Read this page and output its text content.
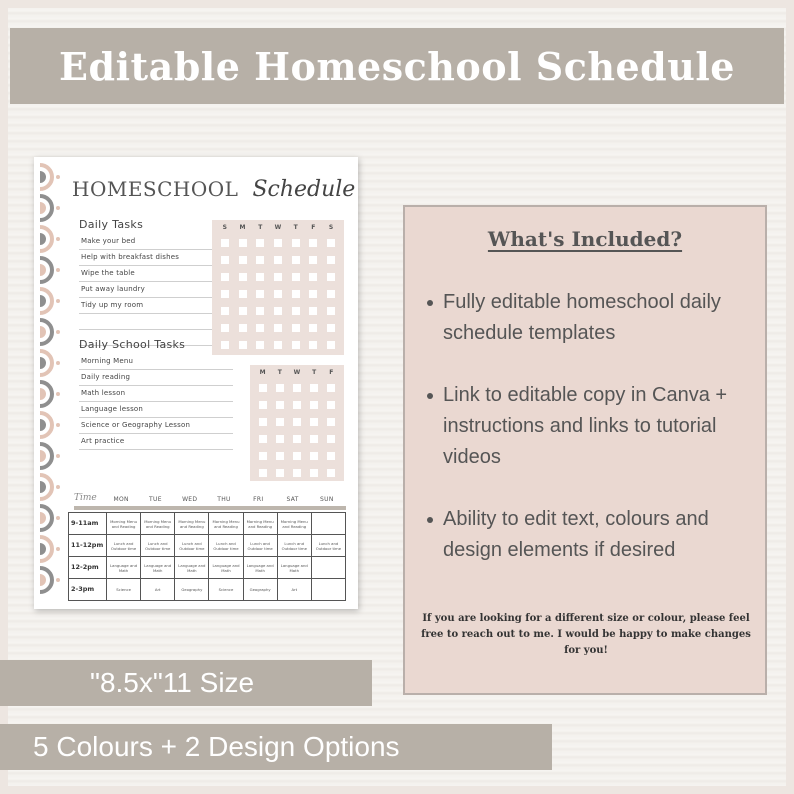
Editable Homeschool Schedule
HOMESCHOOL Schedule
Daily Tasks
Make your bed
Help with breakfast dishes
Wipe the table
Put away laundry
Tidy up my room
S	M	T	W	T	F	S
Daily School Tasks
Morning Menu
Daily reading
Math lesson
Language lesson
Science or Geography Lesson
Art practice
M	T	W	T	F
Time	MON	TUE	WED	THU	FRI	SAT	SUN
9-11am	Morning Menu and Reading	Morning Menu and Reading	Morning Menu and Reading	Morning Menu and Reading	Morning Menu and Reading	Morning Menu and Reading	
11-12pm	Lunch and Outdoor time	Lunch and Outdoor time	Lunch and Outdoor time	Lunch and Outdoor time	Lunch and Outdoor time	Lunch and Outdoor time	Lunch and Outdoor time
12-2pm	Language and Math	Language and Math	Language and Math	Language and Math	Language and Math	Language and Math	
2-3pm	Science	Art	Geography	Science	Geography	Art	
What's Included?
Fully editable homeschool daily schedule templates
Link to editable copy in Canva + instructions and links to tutorial videos
Ability to edit text, colours and design elements if desired

If you are looking for a different size or colour, please feel free to reach out to me. I would be happy to make changes for you!

"8.5x"11 Size
5 Colours + 2 Design Options
